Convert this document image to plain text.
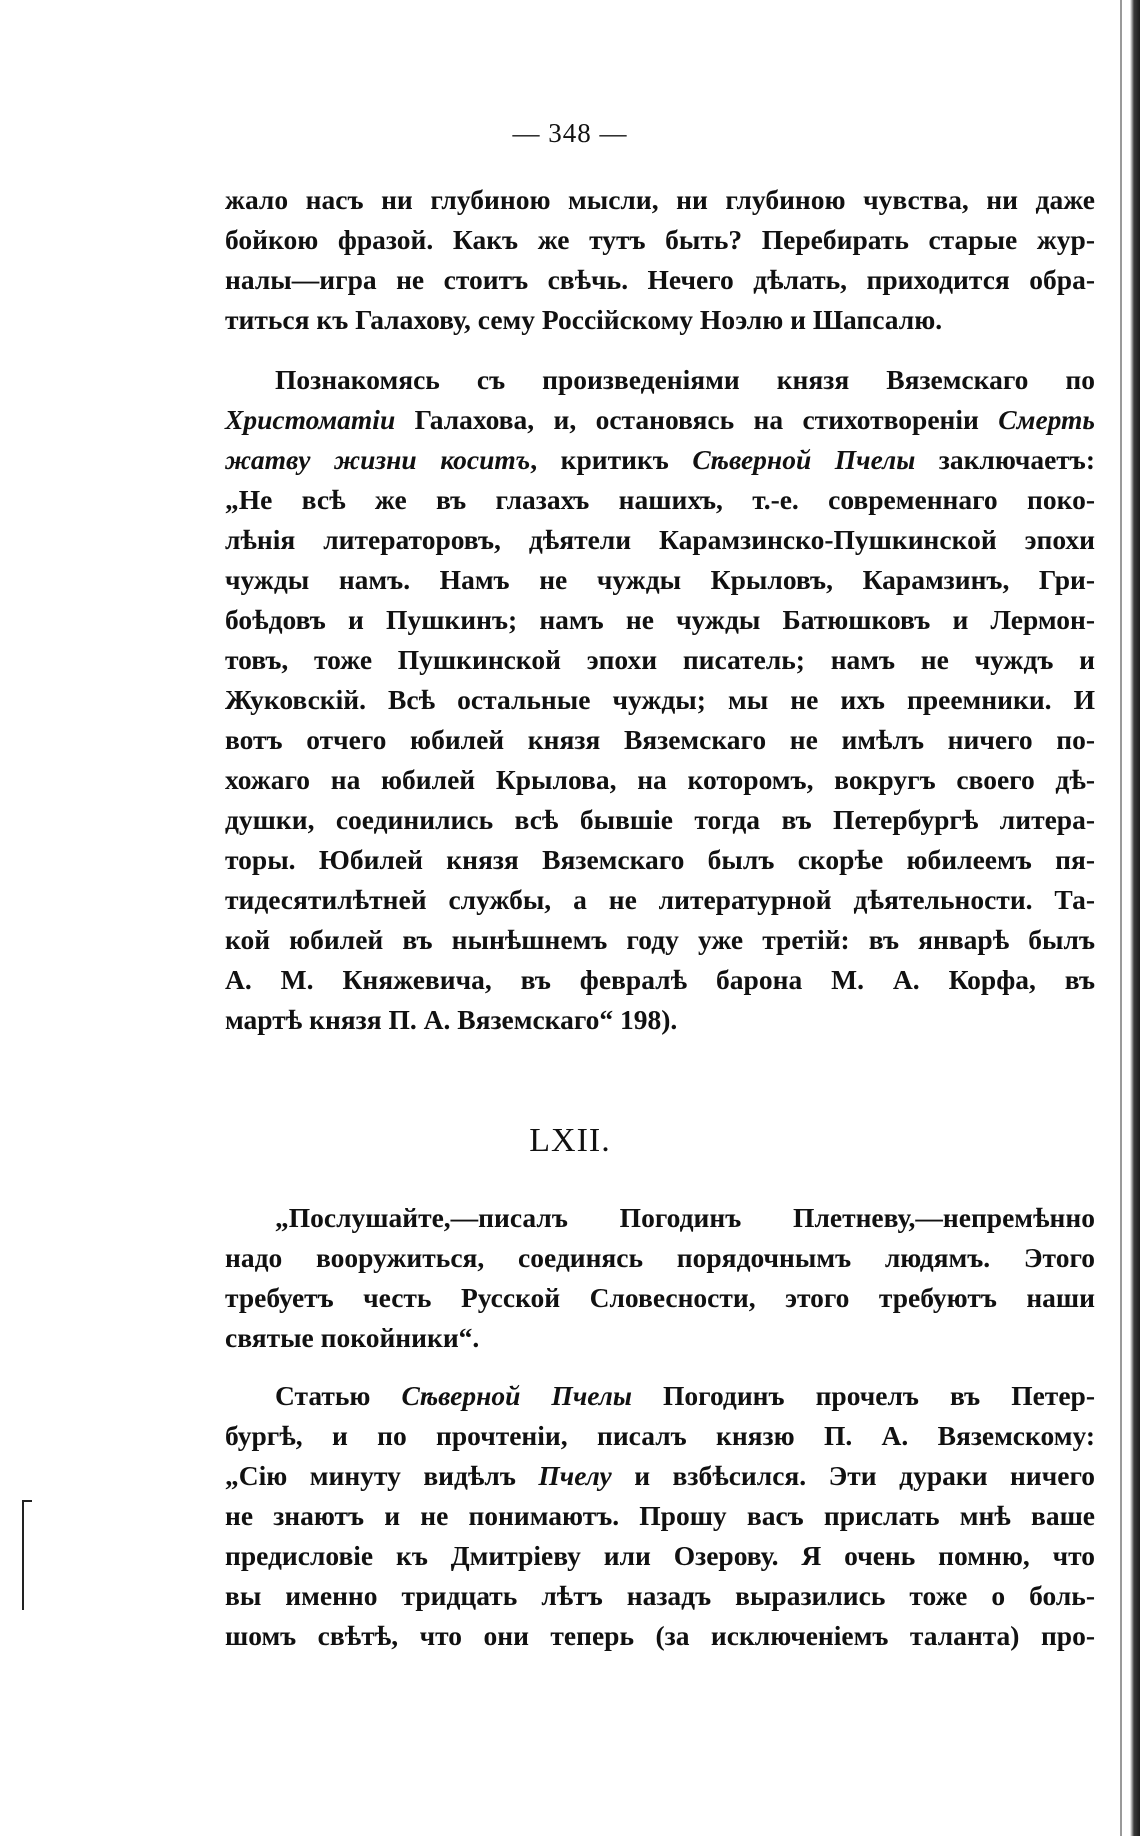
— 348 —
жало насъ ни глубиною мысли, ни глубиною чувства, ни даже
бойкою фразой. Какъ же тутъ быть? Перебирать старые жур-
налы—игра не стоитъ свѣчь. Нечего дѣлать, приходится обра-
титься къ Галахову, сему Россійскому Ноэлю и Шапсалю.
Познакомясь съ произведеніями князя Вяземскаго по
Христоматіи Галахова, и, остановясь на стихотвореніи Смерть
жатву жизни коситъ, критикъ Сѣверной Пчелы заключаетъ:
„Не всѣ же въ глазахъ нашихъ, т.-е. современнаго поко-
лѣнія литераторовъ, дѣятели Карамзинско-Пушкинской эпохи
чужды намъ. Намъ не чужды Крыловъ, Карамзинъ, Гри-
боѣдовъ и Пушкинъ; намъ не чужды Батюшковъ и Лермон-
товъ, тоже Пушкинской эпохи писатель; намъ не чуждъ и
Жуковскій. Всѣ остальные чужды; мы не ихъ преемники. И
вотъ отчего юбилей князя Вяземскаго не имѣлъ ничего по-
хожаго на юбилей Крылова, на которомъ, вокругъ своего дѣ-
душки, соединились всѣ бывшіе тогда въ Петербургѣ литера-
торы. Юбилей князя Вяземскаго былъ скорѣе юбилеемъ пя-
тидесятилѣтней службы, а не литературной дѣятельности. Та-
кой юбилей въ нынѣшнемъ году уже третій: въ январѣ былъ
А. М. Княжевича, въ февралѣ барона М. А. Корфа, въ
мартѣ князя П. А. Вяземскаго“ 198).
LXII.
„Послушайте,—писалъ Погодинъ Плетневу,—непремѣнно
надо вооружиться, соединясь порядочнымъ людямъ. Этого
требуетъ честь Русской Словесности, этого требуютъ наши
святые покойники“.
Статью Сѣверной Пчелы Погодинъ прочелъ въ Петер-
бургѣ, и по прочтеніи, писалъ князю П. А. Вяземскому:
„Сію минуту видѣлъ Пчелу и взбѣсился. Эти дураки ничего
не знаютъ и не понимаютъ. Прошу васъ прислать мнѣ ваше
предисловіе къ Дмитріеву или Озерову. Я очень помню, что
вы именно тридцать лѣтъ назадъ выразились тоже о боль-
шомъ свѣтѣ, что они теперь (за исключеніемъ таланта) про-
